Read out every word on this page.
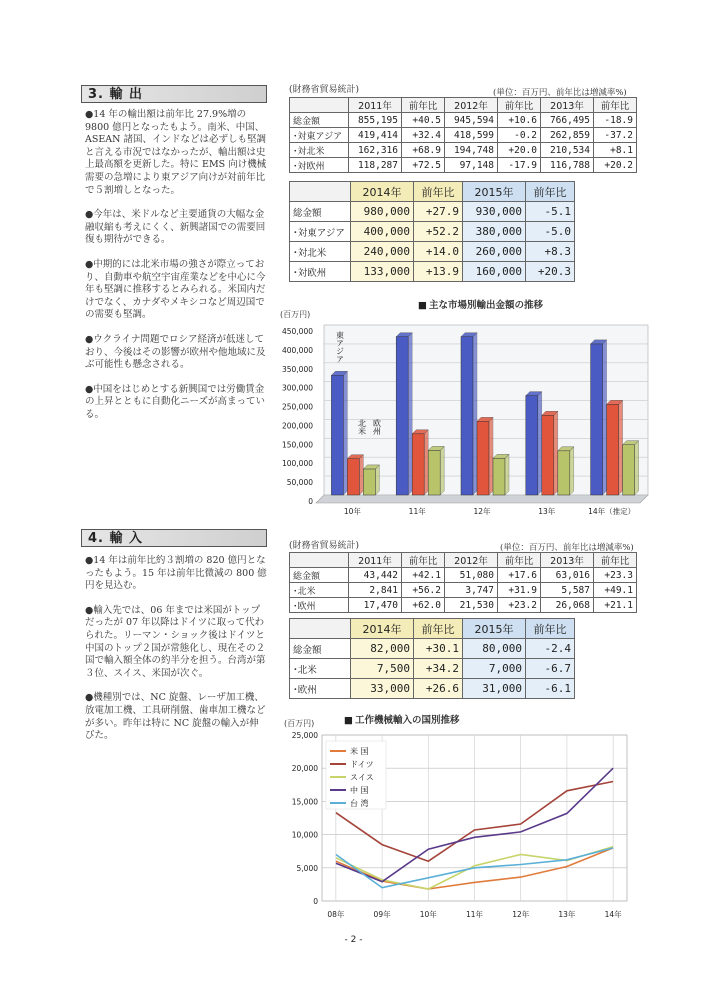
3. 輸 出

●14 年の輸出額は前年比 27.9%増の 9800 億円となったもよう。南米、中国、ASEAN 諸国、インドなどは必ずしも堅調と言える市況ではなかったが、輸出額は史上最高額を更新した。特に EMS 向け機械需要の急増により東アジア向けが対前年比で５割増しとなった。

●今年は、米ドルなど主要通貨の大幅な金融収縮も考えにくく、新興諸国での需要回復も期待ができる。

●中期的には北米市場の強さが際立っており、自動車や航空宇宙産業などを中心に今年も堅調に推移するとみられる。米国内だけでなく、カナダやメキシコなど周辺国での需要も堅調。

●ウクライナ問題でロシア経済が低迷しており、今後はその影響が欧州や他地域に及ぶ可能性も懸念される。

●中国をはじめとする新興国では労働賃金の上昇とともに自動化ニーズが高まっている。

(財務省貿易統計)	(単位：百万円、前年比は増減率%)
	2011年	前年比	2012年	前年比	2013年	前年比
総金額	855,195	+40.5	945,594	+10.6	766,495	-18.9
･対東アジア	419,414	+32.4	418,599	-0.2	262,859	-37.2
･対北米	162,316	+68.9	194,748	+20.0	210,534	+8.1
･対欧州	118,287	+72.5	97,148	-17.9	116,788	+20.2
	2014年	前年比	2015年	前年比
総金額	980,000	+27.9	930,000	-5.1
･対東アジア	400,000	+52.2	380,000	-5.0
･対北米	240,000	+14.0	260,000	+8.3
･対欧州	133,000	+13.9	160,000	+20.3
■ 主な市場別輸出金額の推移
(百万円)
0
50,000
100,000
150,000
200,000
250,000
300,000
350,000
400,000
450,000
10年	11年	12年	13年	14年（推定）
東アジア
北米 欧州
4. 輸 入

●14 年は前年比約３割増の 820 億円となったもよう。15 年は前年比微減の 800 億円を見込む。

●輸入先では、06 年までは米国がトップだったが 07 年以降はドイツに取って代わられた。リーマン・ショック後はドイツと中国のトップ２国が常態化し、現在その２国で輸入額全体の約半分を担う。台湾が第３位、スイス、米国が次ぐ。

●機種別では、NC 旋盤、レーザ加工機、放電加工機、工具研削盤、歯車加工機などが多い。昨年は特に NC 旋盤の輸入が伸びた。

(財務省貿易統計)	(単位：百万円、前年比は増減率%)
	2011年	前年比	2012年	前年比	2013年	前年比
総金額	43,442	+42.1	51,080	+17.6	63,016	+23.3
･北米	2,841	+56.2	3,747	+31.9	5,587	+49.1
･欧州	17,470	+62.0	21,530	+23.2	26,068	+21.1
	2014年	前年比	2015年	前年比
総金額	82,000	+30.1	80,000	-2.4
･北米	7,500	+34.2	7,000	-6.7
･欧州	33,000	+26.6	31,000	-6.1
■ 工作機械輸入の国別推移
(百万円)
0
5,000
10,000
15,000
20,000
25,000
08年	09年	10年	11年	12年	13年	14年
米 国
ドイツ
スイス
中 国
台 湾
- 2 -
